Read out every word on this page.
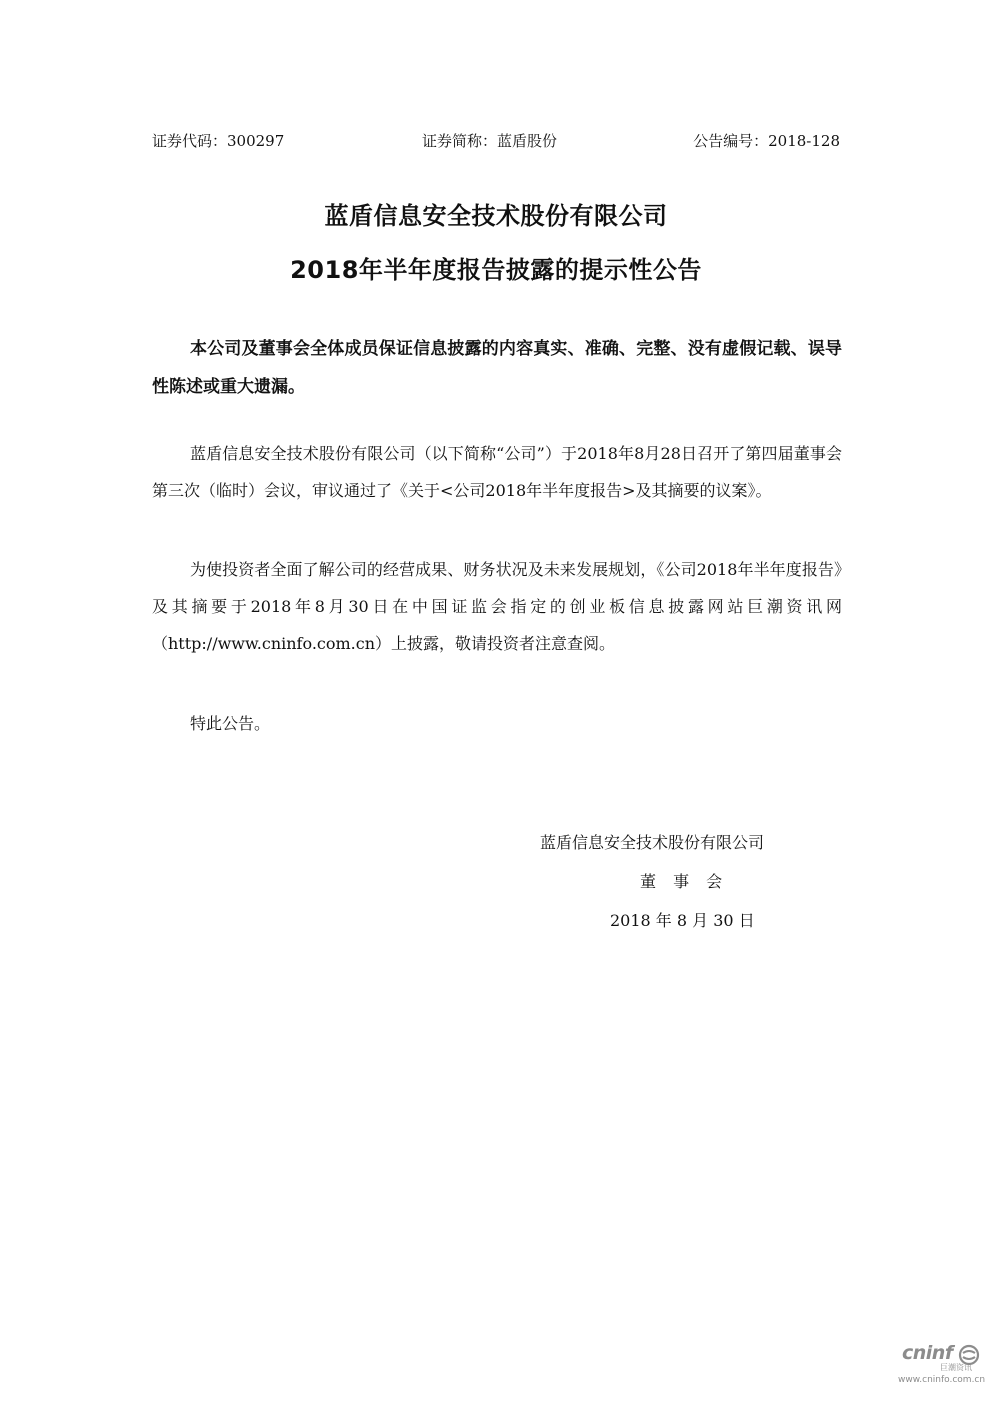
证券代码：300297	证券简称：蓝盾股份	公告编号：2018-128
蓝盾信息安全技术股份有限公司
2018年半年度报告披露的提示性公告
本公司及董事会全体成员保证信息披露的内容真实、准确、完整、没有虚假记载、误导性陈述或重大遗漏。
蓝盾信息安全技术股份有限公司（以下简称“公司”）于2018年8月28日召开了第四届董事会第三次（临时）会议，审议通过了《关于<公司2018年半年度报告>及其摘要的议案》。
为使投资者全面了解公司的经营成果、财务状况及未来发展规划，《公司2018年半年度报告》及其摘要于2018年8月30日在中国证监会指定的创业板信息披露网站巨潮资讯网（http://www.cninfo.com.cn）上披露，敬请投资者注意查阅。
特此公告。
蓝盾信息安全技术股份有限公司
董 事 会
2018 年 8 月 30 日
cninf
巨潮资讯
www.cninfo.com.cn
